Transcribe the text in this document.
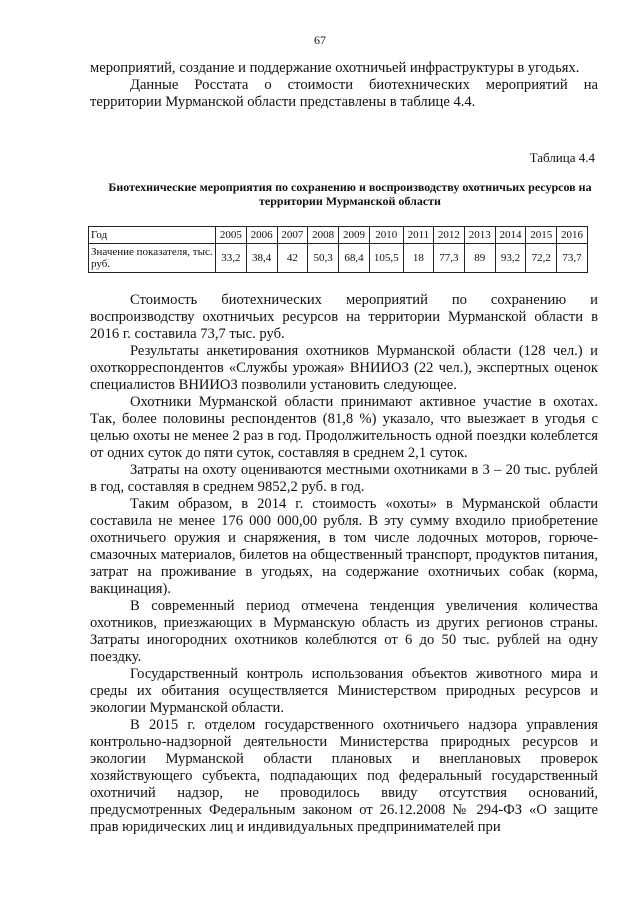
67

мероприятий, создание и поддержание охотничьей инфраструктуры в угодьях.

Данные Росстата о стоимости биотехнических мероприятий на территории Мурманской области представлены в таблице 4.4.

Таблица 4.4
Биотехнические мероприятия по сохранению и воспроизводству охотничьих ресурсов на территории Мурманской области
Год	2005	2006	2007	2008	2009	2010	2011	2012	2013	2014	2015	2016
Значение показателя, тыс. руб.	33,2	38,4	42	50,3	68,4	105,5	18	77,3	89	93,2	72,2	73,7

Стоимость биотехнических мероприятий по сохранению и воспроизводству охотничьих ресурсов на территории Мурманской области в 2016 г. составила 73,7 тыс. руб.

Результаты анкетирования охотников Мурманской области (128 чел.) и охоткорреспондентов «Службы урожая» ВНИИОЗ (22 чел.), экспертных оценок специалистов ВНИИОЗ позволили установить следующее.

Охотники Мурманской области принимают активное участие в охотах. Так, более половины респондентов (81,8 %) указало, что выезжает в угодья с целью охоты не менее 2 раз в год. Продолжительность одной поездки колеблется от одних суток до пяти суток, составляя в среднем 2,1 суток.

Затраты на охоту оцениваются местными охотниками в 3 – 20 тыс. рублей в год, составляя в среднем 9852,2 руб. в год.

Таким образом, в 2014 г. стоимость «охоты» в Мурманской области составила не менее 176 000 000,00 рубля. В эту сумму входило приобретение охотничьего оружия и снаряжения, в том числе лодочных моторов, горюче-смазочных материалов, билетов на общественный транспорт, продуктов питания, затрат на проживание в угодьях, на содержание охотничьих собак (корма, вакцинация).

В современный период отмечена тенденция увеличения количества охотников, приезжающих в Мурманскую область из других регионов страны. Затраты иногородних охотников колеблются от 6 до 50 тыс. рублей на одну поездку.

Государственный контроль использования объектов животного мира и среды их обитания осуществляется Министерством природных ресурсов и экологии Мурманской области.

В 2015 г. отделом государственного охотничьего надзора управления контрольно-надзорной деятельности Министерства природных ресурсов и экологии Мурманской области плановых и внеплановых проверок хозяйствующего субъекта, подпадающих под федеральный государственный охотничий надзор, не проводилось ввиду отсутствия оснований, предусмотренных Федеральным законом от 26.12.2008 № 294-ФЗ «О защите прав юридических лиц и индивидуальных предпринимателей при
